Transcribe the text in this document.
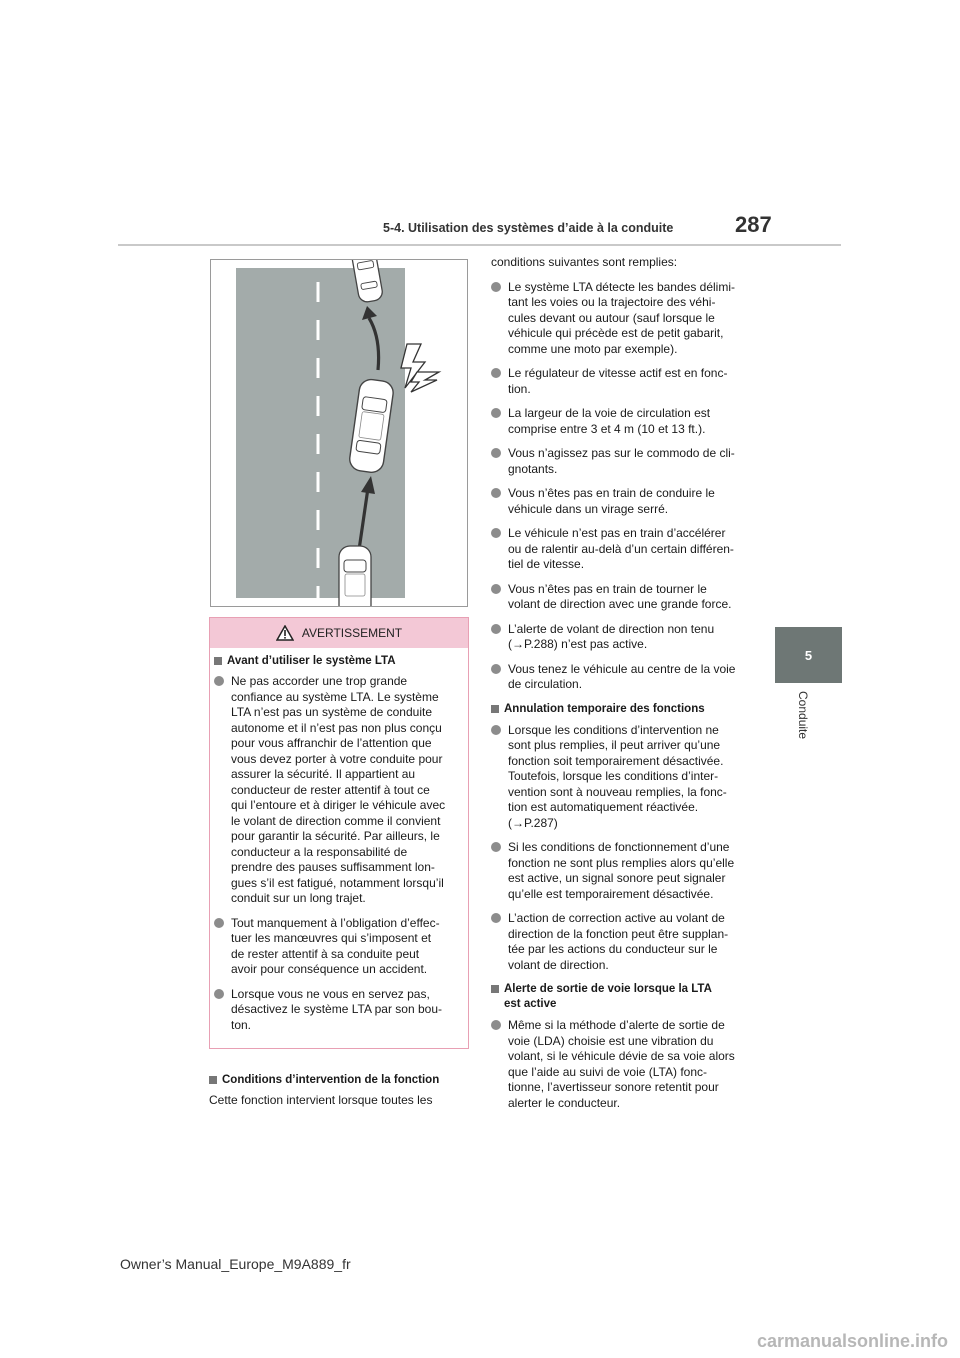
5-4. Utilisation des systèmes d’aide à la conduite	287
5
Conduite
AVERTISSEMENT
Avant d’utiliser le système LTA
Ne pas accorder une trop grande
confiance au système LTA. Le système
LTA n’est pas un système de conduite
autonome et il n’est pas non plus conçu
pour vous affranchir de l’attention que
vous devez porter à votre conduite pour
assurer la sécurité. Il appartient au
conducteur de rester attentif à tout ce
qui l’entoure et à diriger le véhicule avec
le volant de direction comme il convient
pour garantir la sécurité. Par ailleurs, le
conducteur a la responsabilité de
prendre des pauses suffisamment lon-
gues s’il est fatigué, notamment lorsqu’il
conduit sur un long trajet.
Tout manquement à l’obligation d’effec-
tuer les manœuvres qui s’imposent et
de rester attentif à sa conduite peut
avoir pour conséquence un accident.
Lorsque vous ne vous en servez pas,
désactivez le système LTA par son bou-
ton.
Conditions d’intervention de la fonction
Cette fonction intervient lorsque toutes les
conditions suivantes sont remplies:
Le système LTA détecte les bandes délimi-
tant les voies ou la trajectoire des véhi-
cules devant ou autour (sauf lorsque le
véhicule qui précède est de petit gabarit,
comme une moto par exemple).
Le régulateur de vitesse actif est en fonc-
tion.
La largeur de la voie de circulation est
comprise entre 3 et 4 m (10 et 13 ft.).
Vous n’agissez pas sur le commodo de cli-
gnotants.
Vous n’êtes pas en train de conduire le
véhicule dans un virage serré.
Le véhicule n’est pas en train d’accélérer
ou de ralentir au-delà d’un certain différen-
tiel de vitesse.
Vous n’êtes pas en train de tourner le
volant de direction avec une grande force.
L’alerte de volant de direction non tenu
(→P.288) n’est pas active.
Vous tenez le véhicule au centre de la voie
de circulation.
Annulation temporaire des fonctions
Lorsque les conditions d’intervention ne
sont plus remplies, il peut arriver qu’une
fonction soit temporairement désactivée.
Toutefois, lorsque les conditions d’inter-
vention sont à nouveau remplies, la fonc-
tion est automatiquement réactivée.
(→P.287)
Si les conditions de fonctionnement d’une
fonction ne sont plus remplies alors qu’elle
est active, un signal sonore peut signaler
qu’elle est temporairement désactivée.
L’action de correction active au volant de
direction de la fonction peut être supplan-
tée par les actions du conducteur sur le
volant de direction.
Alerte de sortie de voie lorsque la LTA
est active
Même si la méthode d’alerte de sortie de
voie (LDA) choisie est une vibration du
volant, si le véhicule dévie de sa voie alors
que l’aide au suivi de voie (LTA) fonc-
tionne, l’avertisseur sonore retentit pour
alerter le conducteur.
Owner’s Manual_Europe_M9A889_fr
carmanualsonline.info
